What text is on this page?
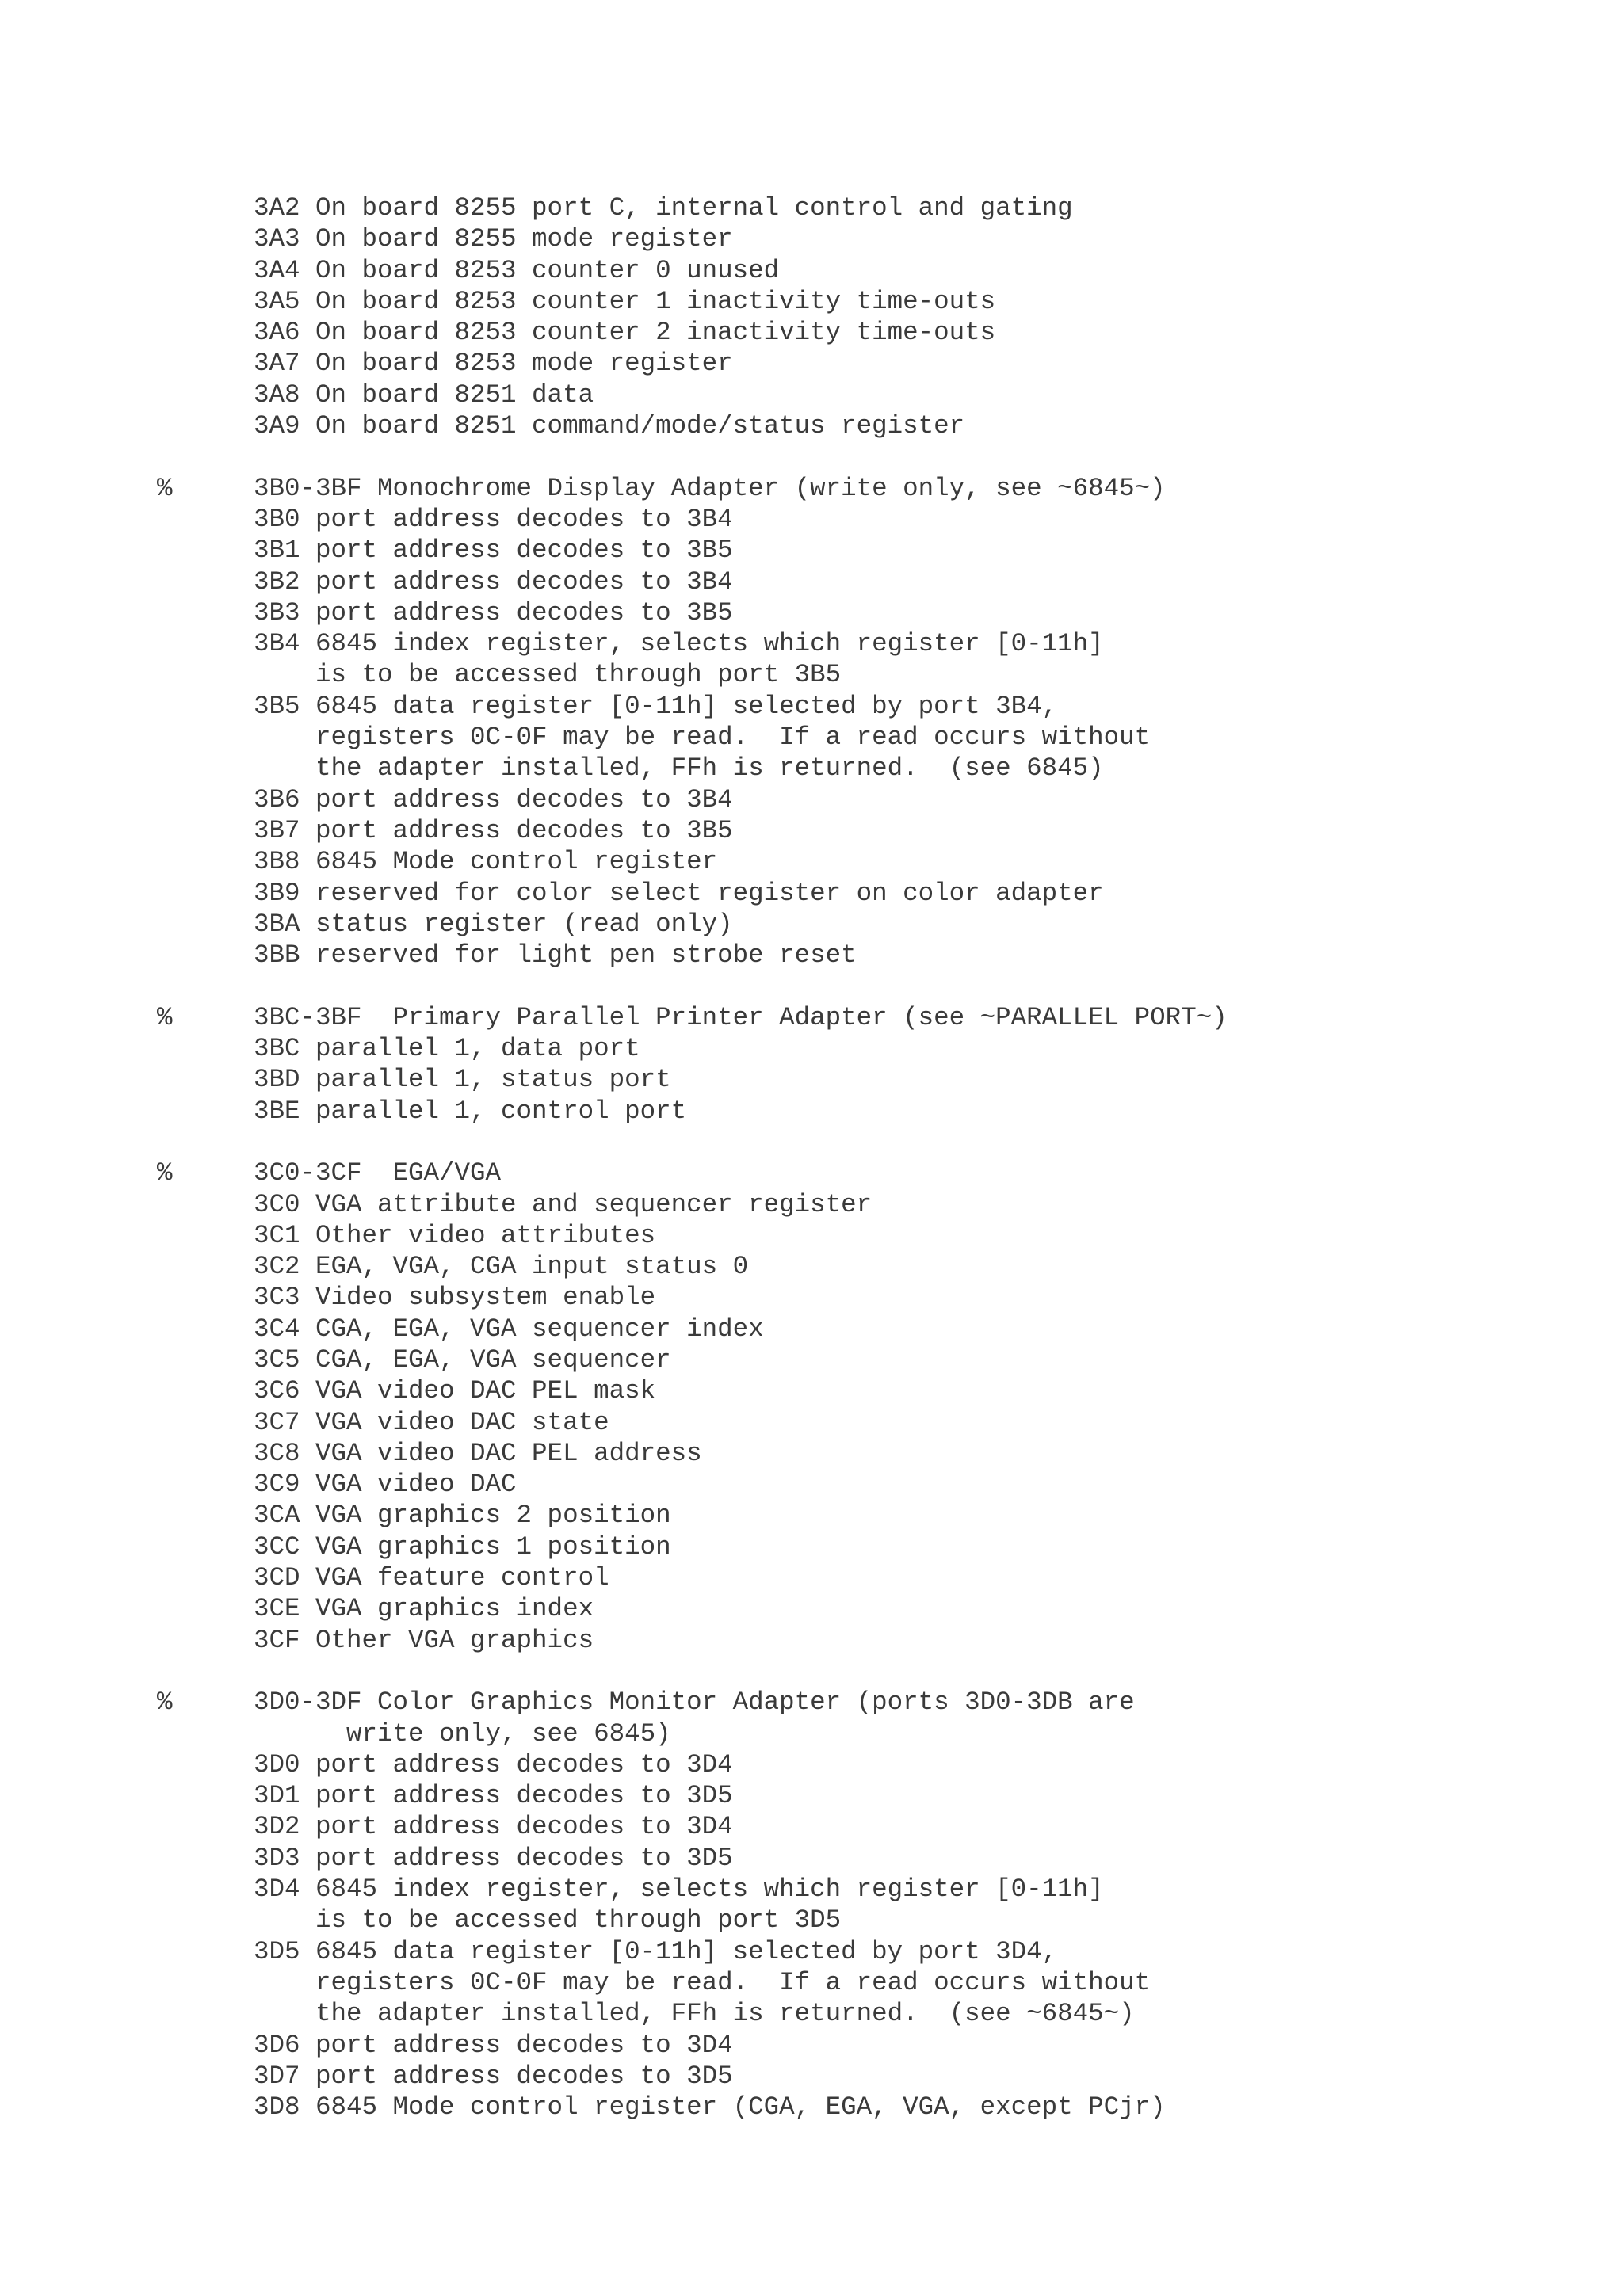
3A2 On board 8255 port C, internal control and gating
3A3 On board 8255 mode register
3A4 On board 8253 counter 0 unused
3A5 On board 8253 counter 1 inactivity time-outs
3A6 On board 8253 counter 2 inactivity time-outs
3A7 On board 8253 mode register
3A8 On board 8251 data
3A9 On board 8251 command/mode/status register
%	3B0-3BF Monochrome Display Adapter (write only, see ~6845~)
3B0 port address decodes to 3B4
3B1 port address decodes to 3B5
3B2 port address decodes to 3B4
3B3 port address decodes to 3B5
3B4 6845 index register, selects which register [0-11h]
is to be accessed through port 3B5
3B5 6845 data register [0-11h] selected by port 3B4,
registers 0C-0F may be read.  If a read occurs without
the adapter installed, FFh is returned.  (see 6845)
3B6 port address decodes to 3B4
3B7 port address decodes to 3B5
3B8 6845 Mode control register
3B9 reserved for color select register on color adapter
3BA status register (read only)
3BB reserved for light pen strobe reset
%	3BC-3BF  Primary Parallel Printer Adapter (see ~PARALLEL PORT~)
3BC parallel 1, data port
3BD parallel 1, status port
3BE parallel 1, control port
%	3C0-3CF  EGA/VGA
3C0 VGA attribute and sequencer register
3C1 Other video attributes
3C2 EGA, VGA, CGA input status 0
3C3 Video subsystem enable
3C4 CGA, EGA, VGA sequencer index
3C5 CGA, EGA, VGA sequencer
3C6 VGA video DAC PEL mask
3C7 VGA video DAC state
3C8 VGA video DAC PEL address
3C9 VGA video DAC
3CA VGA graphics 2 position
3CC VGA graphics 1 position
3CD VGA feature control
3CE VGA graphics index
3CF Other VGA graphics
%	3D0-3DF Color Graphics Monitor Adapter (ports 3D0-3DB are
write only, see 6845)
3D0 port address decodes to 3D4
3D1 port address decodes to 3D5
3D2 port address decodes to 3D4
3D3 port address decodes to 3D5
3D4 6845 index register, selects which register [0-11h]
is to be accessed through port 3D5
3D5 6845 data register [0-11h] selected by port 3D4,
registers 0C-0F may be read.  If a read occurs without
the adapter installed, FFh is returned.  (see ~6845~)
3D6 port address decodes to 3D4
3D7 port address decodes to 3D5
3D8 6845 Mode control register (CGA, EGA, VGA, except PCjr)
